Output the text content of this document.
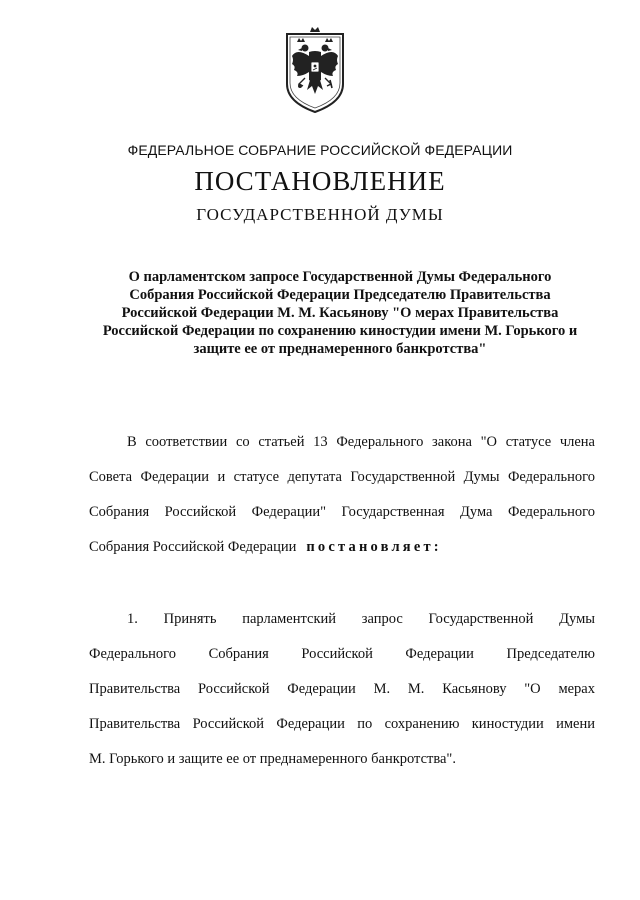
ФЕДЕРАЛЬНОЕ СОБРАНИЕ РОССИЙСКОЙ ФЕДЕРАЦИИ
ПОСТАНОВЛЕНИЕ
ГОСУДАРСТВЕННОЙ ДУМЫ
О парламентском запросе Государственной Думы Федерального
Собрания Российской Федерации Председателю Правительства
Российской Федерации М. М. Касьянову "О мерах Правительства
Российской Федерации по сохранению киностудии имени М. Горького и
защите ее от преднамеренного банкротства"
В соответствии со статьей 13 Федерального закона "О статусе члена
Совета Федерации и статусе депутата Государственной Думы Федерального
Собрания Российской Федерации" Государственная Дума Федерального
Собрания Российской Федерации постановляет:
1. Принять парламентский запрос Государственной Думы
Федерального Собрания Российской Федерации Председателю
Правительства Российской Федерации М. М. Касьянову "О мерах
Правительства Российской Федерации по сохранению киностудии имени
М. Горького и защите ее от преднамеренного банкротства".
